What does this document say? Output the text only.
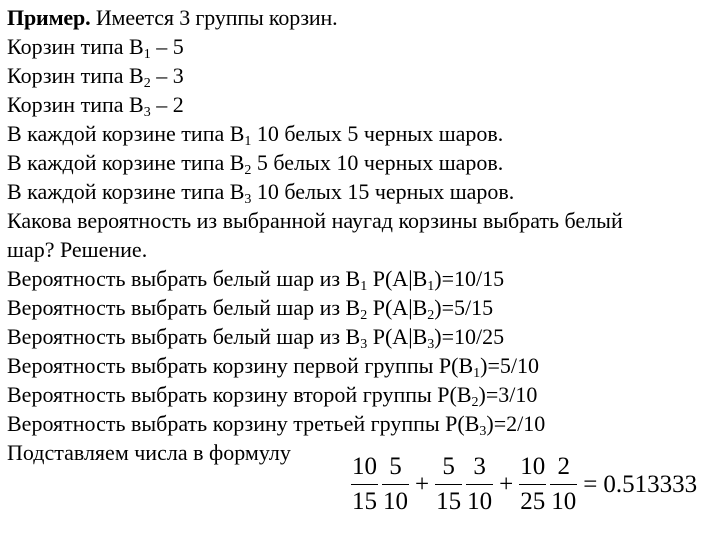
Пример. Имеется 3 группы корзин.
Корзин типа $B_1 - 5$
Корзин типа $B_2 - 3$
Корзин типа $B_3 - 2$
В каждой корзине типа $B_1$ 10 белых 5 черных шаров.
В каждой корзине типа $B_2$ 5 белых 10 черных шаров.
В каждой корзине типа $B_3$ 10 белых 15 черных шаров.
Какова вероятность из выбранной наугад корзины выбрать белый
шар? Решение.
Вероятность выбрать белый шар из $B_1$ $P(A|B_1)=10/15$
Вероятность выбрать белый шар из $B_2$ $P(A|B_2)=5/15$
Вероятность выбрать белый шар из $B_3$ $P(A|B_3)=10/25$
Вероятность выбрать корзину первой группы $P(B_1)=5/10$
Вероятность выбрать корзину второй группы $P(B_2)=3/10$
Вероятность выбрать корзину третьей группы $P(B_3)=2/10$
Подставляем числа в формулу	$\frac{10}{15} \frac{5}{10} + \frac{5}{15} \frac{3}{10} + \frac{10}{25} \frac{2}{10} = 0.513333$
